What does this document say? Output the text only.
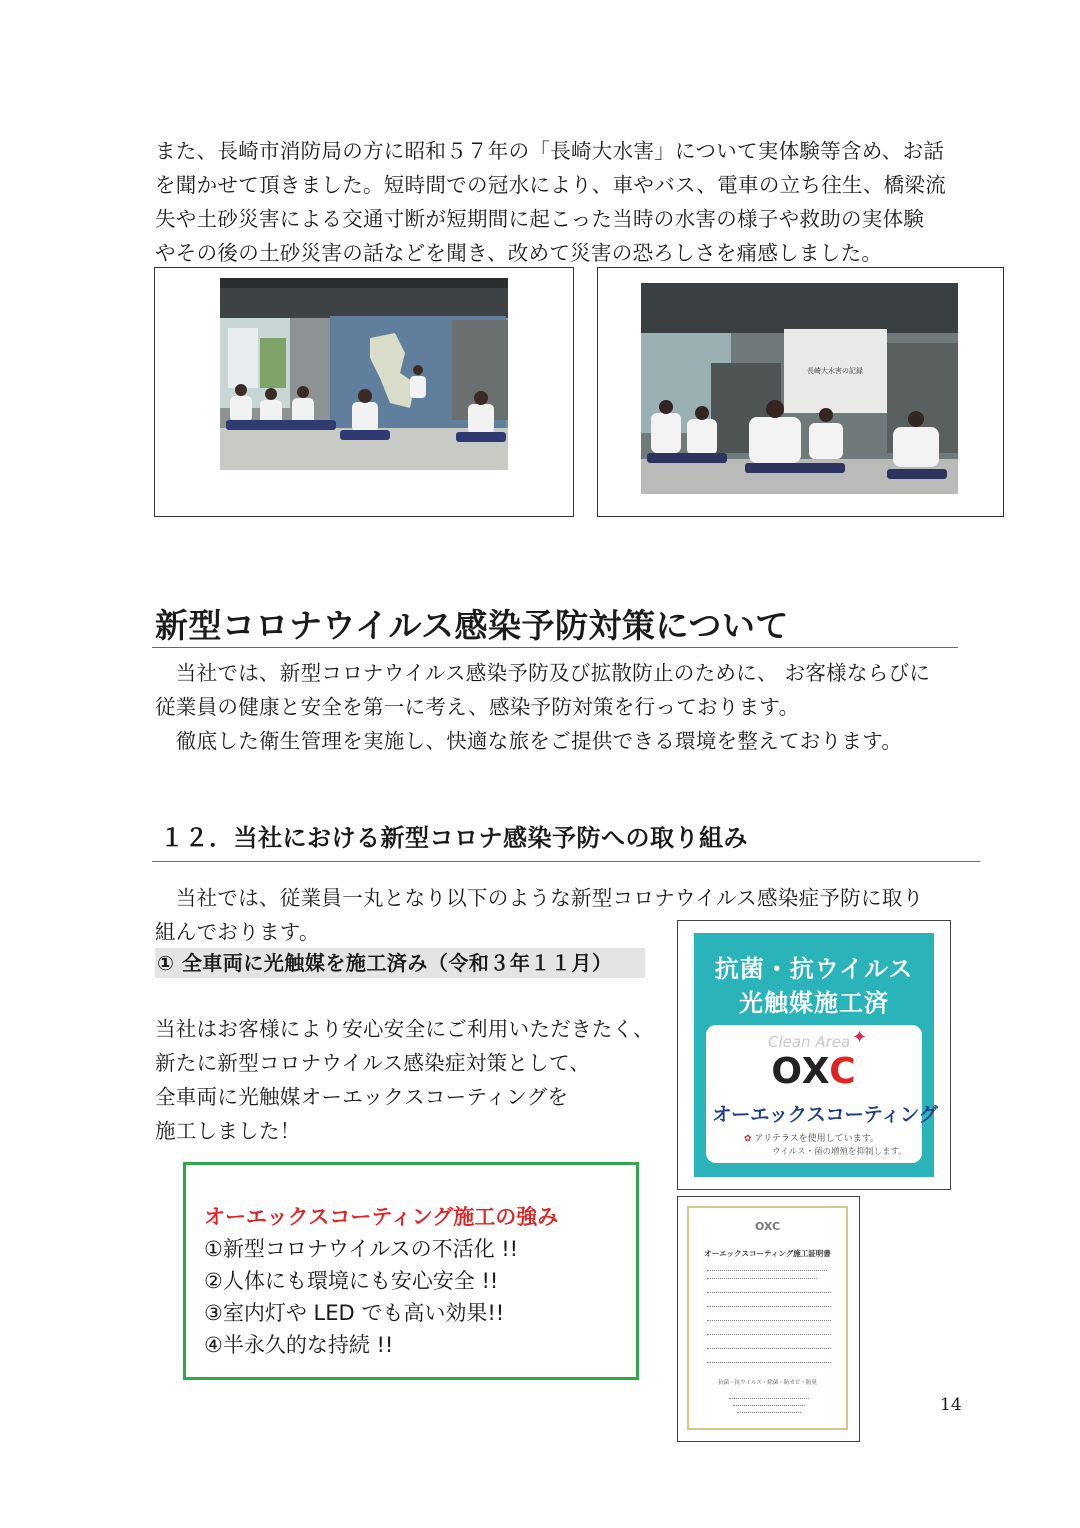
また、長崎市消防局の方に昭和５７年の「長崎大水害」について実体験等含め、お話

を聞かせて頂きました。短時間での冠水により、車やバス、電車の立ち往生、橋梁流

失や土砂災害による交通寸断が短期間に起こった当時の水害の様子や救助の実体験

やその後の土砂災害の話などを聞き、改めて災害の恐ろしさを痛感しました。

長崎大水害の記録
新型コロナウイルス感染予防対策について
　当社では、新型コロナウイルス感染予防及び拡散防止のために、 お客様ならびに
従業員の健康と安全を第一に考え、感染予防対策を行っております。
　徹底した衛生管理を実施し、快適な旅をご提供できる環境を整えております。
１２．当社における新型コロナ感染予防への取り組み
　当社では、従業員一丸となり以下のような新型コロナウイルス感染症予防に取り
組んでおります。
① 全車両に光触媒を施工済み（令和３年１１月）
当社はお客様により安心安全にご利用いただきたく、
新たに新型コロナウイルス感染症対策として、
全車両に光触媒オーエックスコーティングを
施工しました！
オーエックスコーティング施工の強み
①新型コロナウイルスの不活化 !!
②人体にも環境にも安心安全 !!
③室内灯や LED でも高い効果!!
④半永久的な持続 !!
抗菌・抗ウイルス
光触媒施工済
Clean Area ✦
OXC
オーエックスコーティング
✿ アリテラスを使用しています。
ウイルス・菌の増殖を抑制します。
OXC
オーエックスコーティング施工証明書
抗菌・抗ウイルス・除菌・防カビ・防臭
14
